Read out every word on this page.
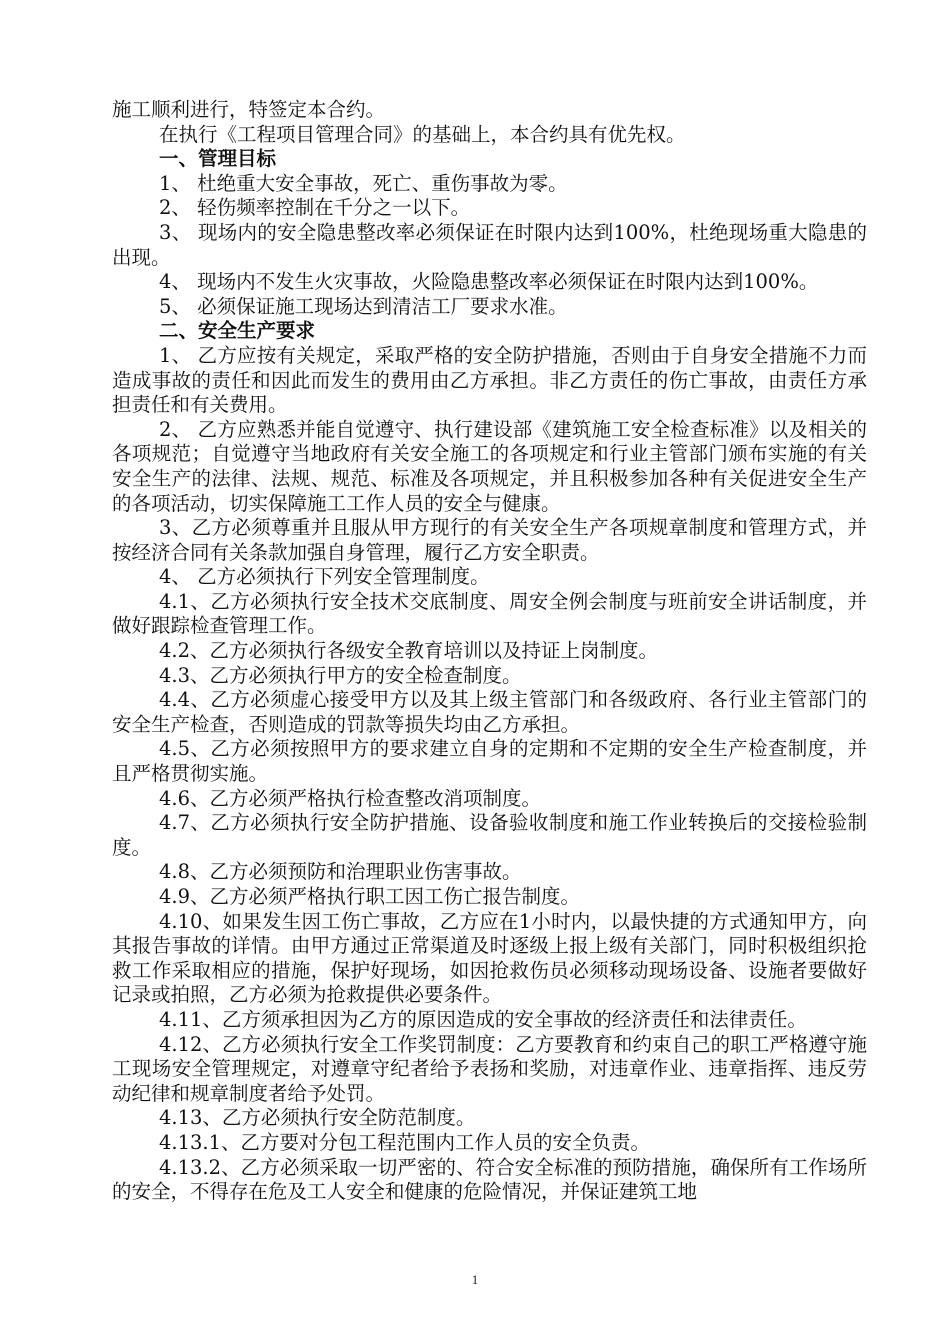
施工顺利进行，特签定本合约。

在执行《工程项目管理合同》的基础上，本合约具有优先权。

一、管理目标

1、 杜绝重大安全事故，死亡、重伤事故为零。

2、 轻伤频率控制在千分之一以下。

3、 现场内的安全隐患整改率必须保证在时限内达到100%，杜绝现场重大隐患的出现。

4、 现场内不发生火灾事故，火险隐患整改率必须保证在时限内达到100%。

5、 必须保证施工现场达到清洁工厂要求水准。

二、安全生产要求

1、 乙方应按有关规定，采取严格的安全防护措施，否则由于自身安全措施不力而造成事故的责任和因此而发生的费用由乙方承担。非乙方责任的伤亡事故，由责任方承担责任和有关费用。

2、 乙方应熟悉并能自觉遵守、执行建设部《建筑施工安全检查标准》以及相关的各项规范；自觉遵守当地政府有关安全施工的各项规定和行业主管部门颁布实施的有关安全生产的法律、法规、规范、标准及各项规定，并且积极参加各种有关促进安全生产的各项活动，切实保障施工工作人员的安全与健康。

3、乙方必须尊重并且服从甲方现行的有关安全生产各项规章制度和管理方式，并按经济合同有关条款加强自身管理，履行乙方安全职责。

4、 乙方必须执行下列安全管理制度。

4.1、乙方必须执行安全技术交底制度、周安全例会制度与班前安全讲话制度，并做好跟踪检查管理工作。

4.2、乙方必须执行各级安全教育培训以及持证上岗制度。

4.3、乙方必须执行甲方的安全检查制度。

4.4、乙方必须虚心接受甲方以及其上级主管部门和各级政府、各行业主管部门的安全生产检查，否则造成的罚款等损失均由乙方承担。

4.5、乙方必须按照甲方的要求建立自身的定期和不定期的安全生产检查制度，并且严格贯彻实施。

4.6、乙方必须严格执行检查整改消项制度。

4.7、乙方必须执行安全防护措施、设备验收制度和施工作业转换后的交接检验制度。

4.8、乙方必须预防和治理职业伤害事故。

4.9、乙方必须严格执行职工因工伤亡报告制度。

4.10、如果发生因工伤亡事故，乙方应在1小时内，以最快捷的方式通知甲方，向其报告事故的详情。由甲方通过正常渠道及时逐级上报上级有关部门，同时积极组织抢救工作采取相应的措施，保护好现场，如因抢救伤员必须移动现场设备、设施者要做好记录或拍照，乙方必须为抢救提供必要条件。

4.11、乙方须承担因为乙方的原因造成的安全事故的经济责任和法律责任。

4.12、乙方必须执行安全工作奖罚制度：乙方要教育和约束自己的职工严格遵守施工现场安全管理规定，对遵章守纪者给予表扬和奖励，对违章作业、违章指挥、违反劳动纪律和规章制度者给予处罚。

4.13、乙方必须执行安全防范制度。

4.13.1、乙方要对分包工程范围内工作人员的安全负责。

4.13.2、乙方必须采取一切严密的、符合安全标准的预防措施，确保所有工作场所的安全，不得存在危及工人安全和健康的危险情况，并保证建筑工地

1
